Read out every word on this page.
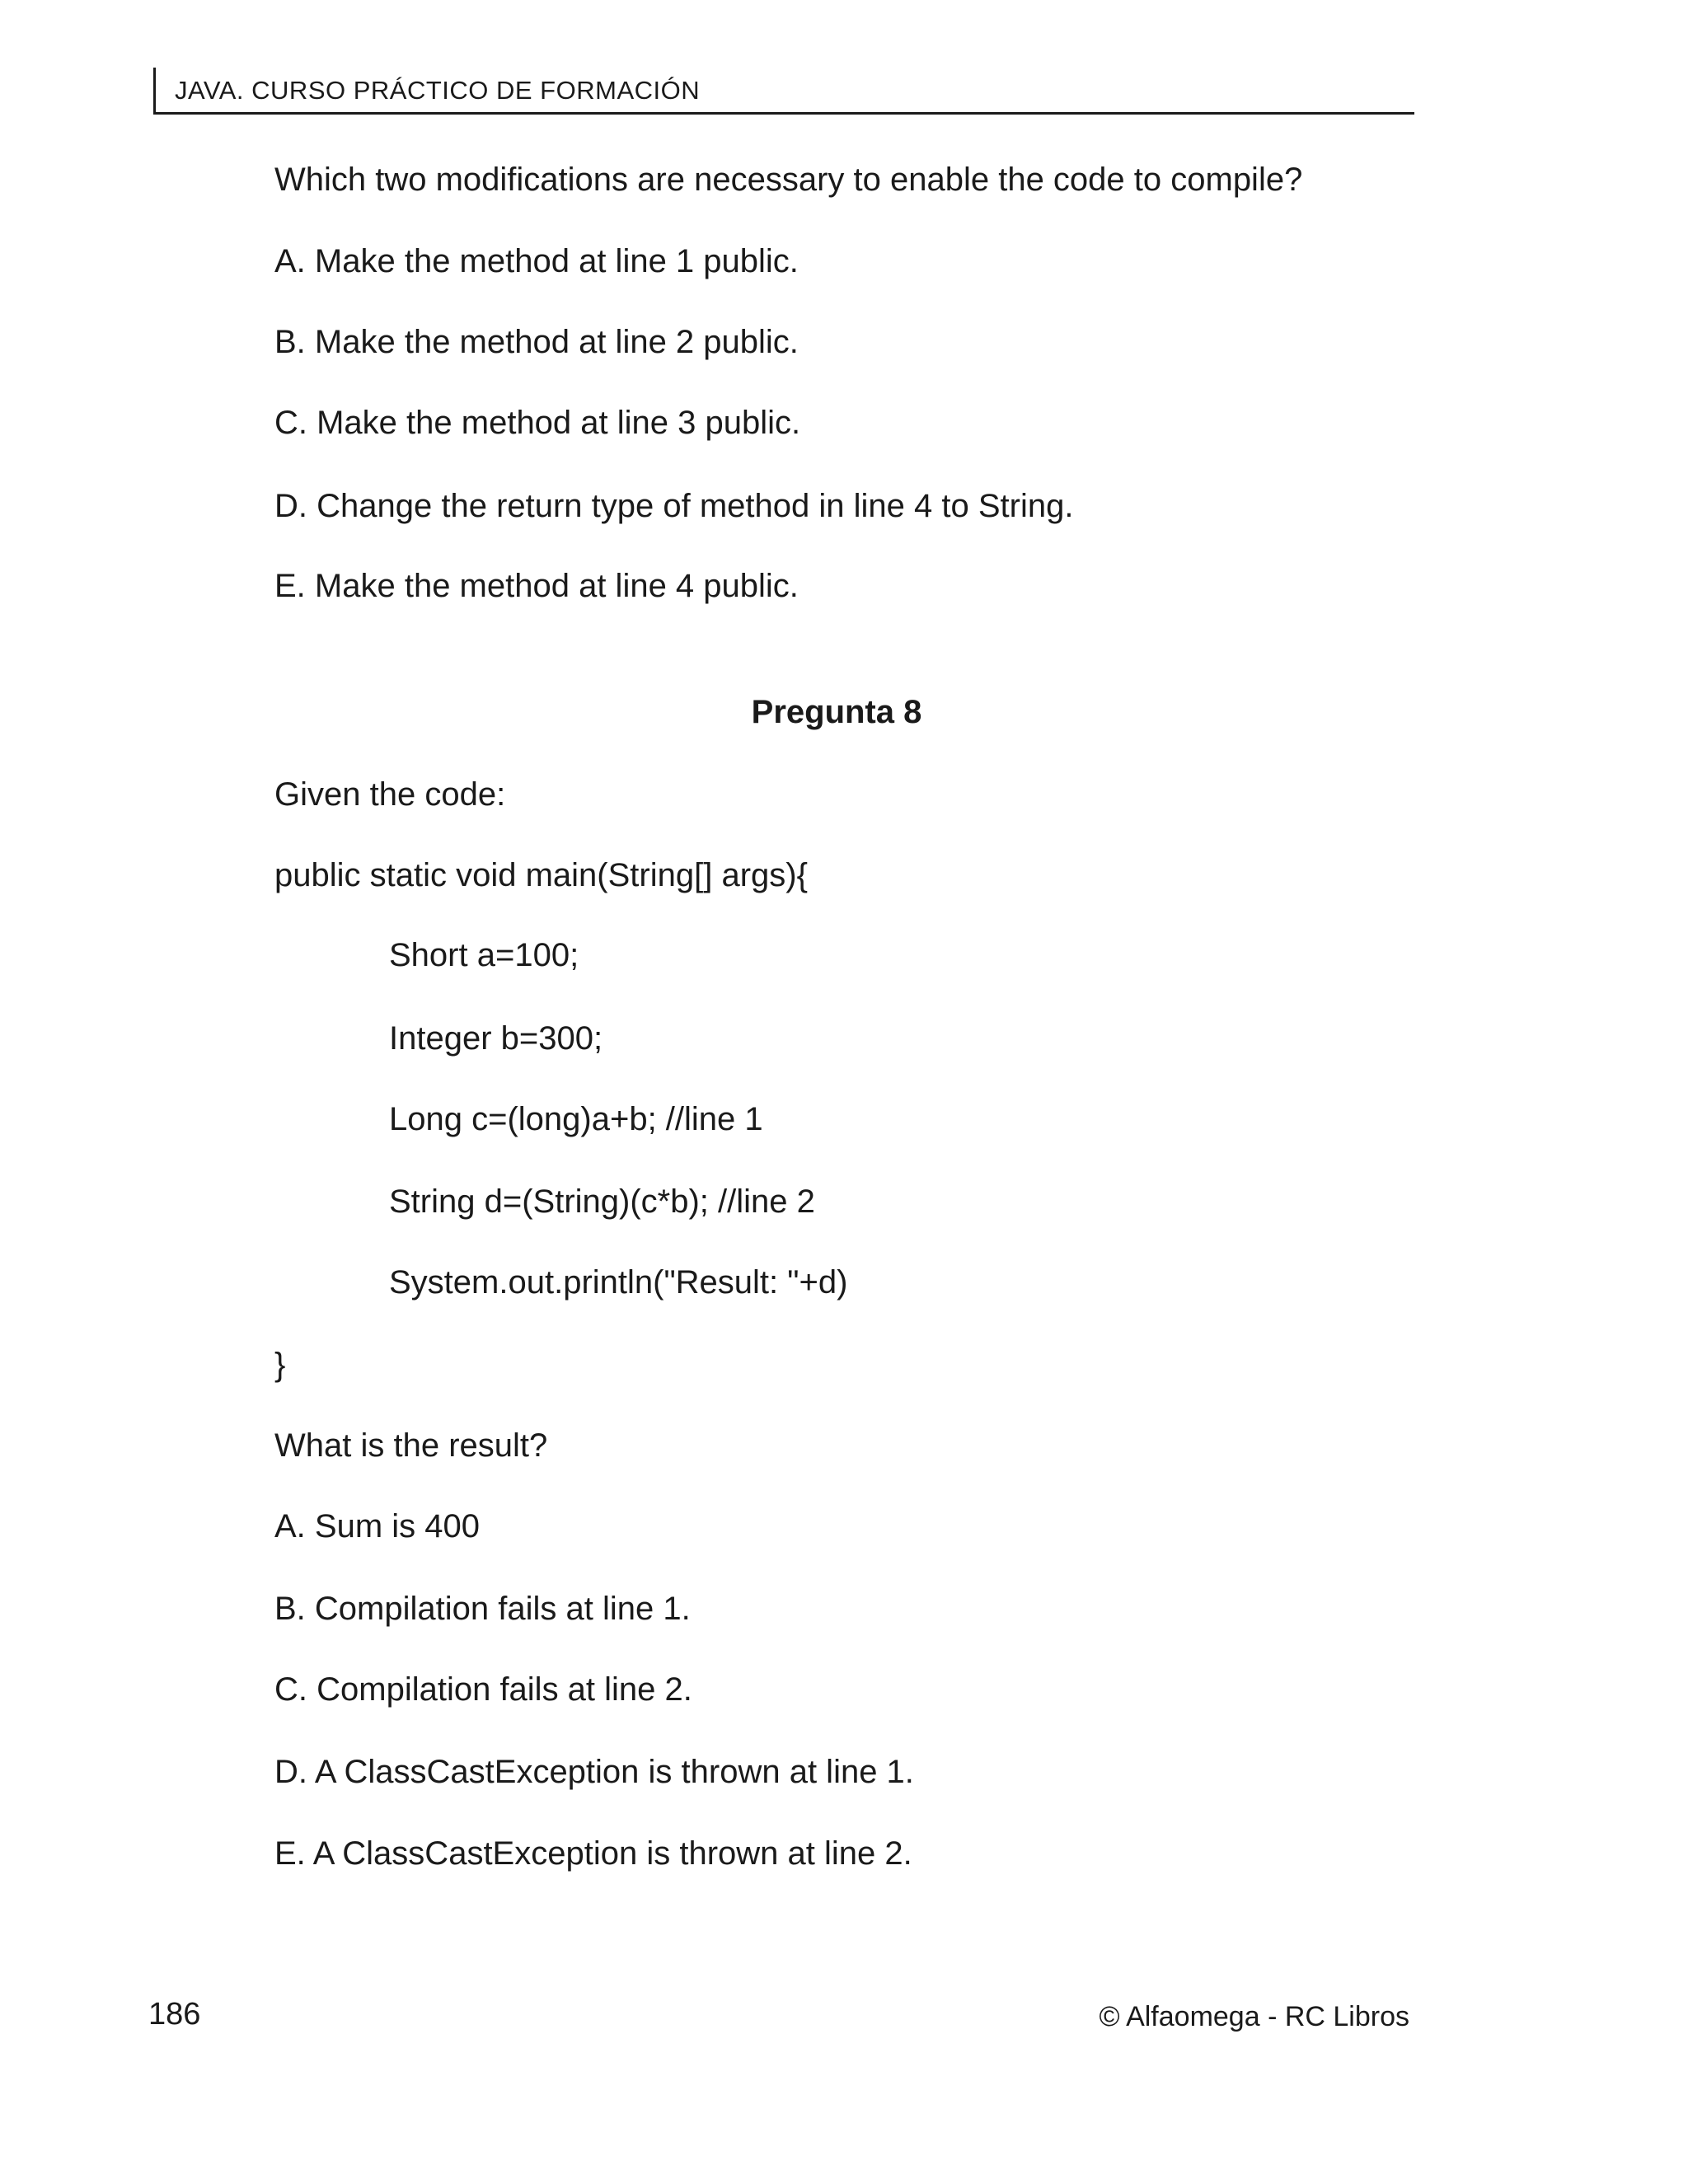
JAVA. CURSO PRÁCTICO DE FORMACIÓN
Which two modifications are necessary to enable the code to compile?
A. Make the method at line 1 public.
B. Make the method at line 2 public.
C. Make the method at line 3 public.
D. Change the return type of method in line 4 to String.
E. Make the method at line 4 public.
Pregunta 8
Given the code:
public static void main(String[] args){
Short a=100;
Integer b=300;
Long c=(long)a+b; //line 1
String d=(String)(c*b); //line 2
System.out.println("Result: "+d)
}
What is the result?
A. Sum is 400
B. Compilation fails at line 1.
C. Compilation fails at line 2.
D. A ClassCastException is thrown at line 1.
E. A ClassCastException is thrown at line 2.
186	© Alfaomega - RC Libros
